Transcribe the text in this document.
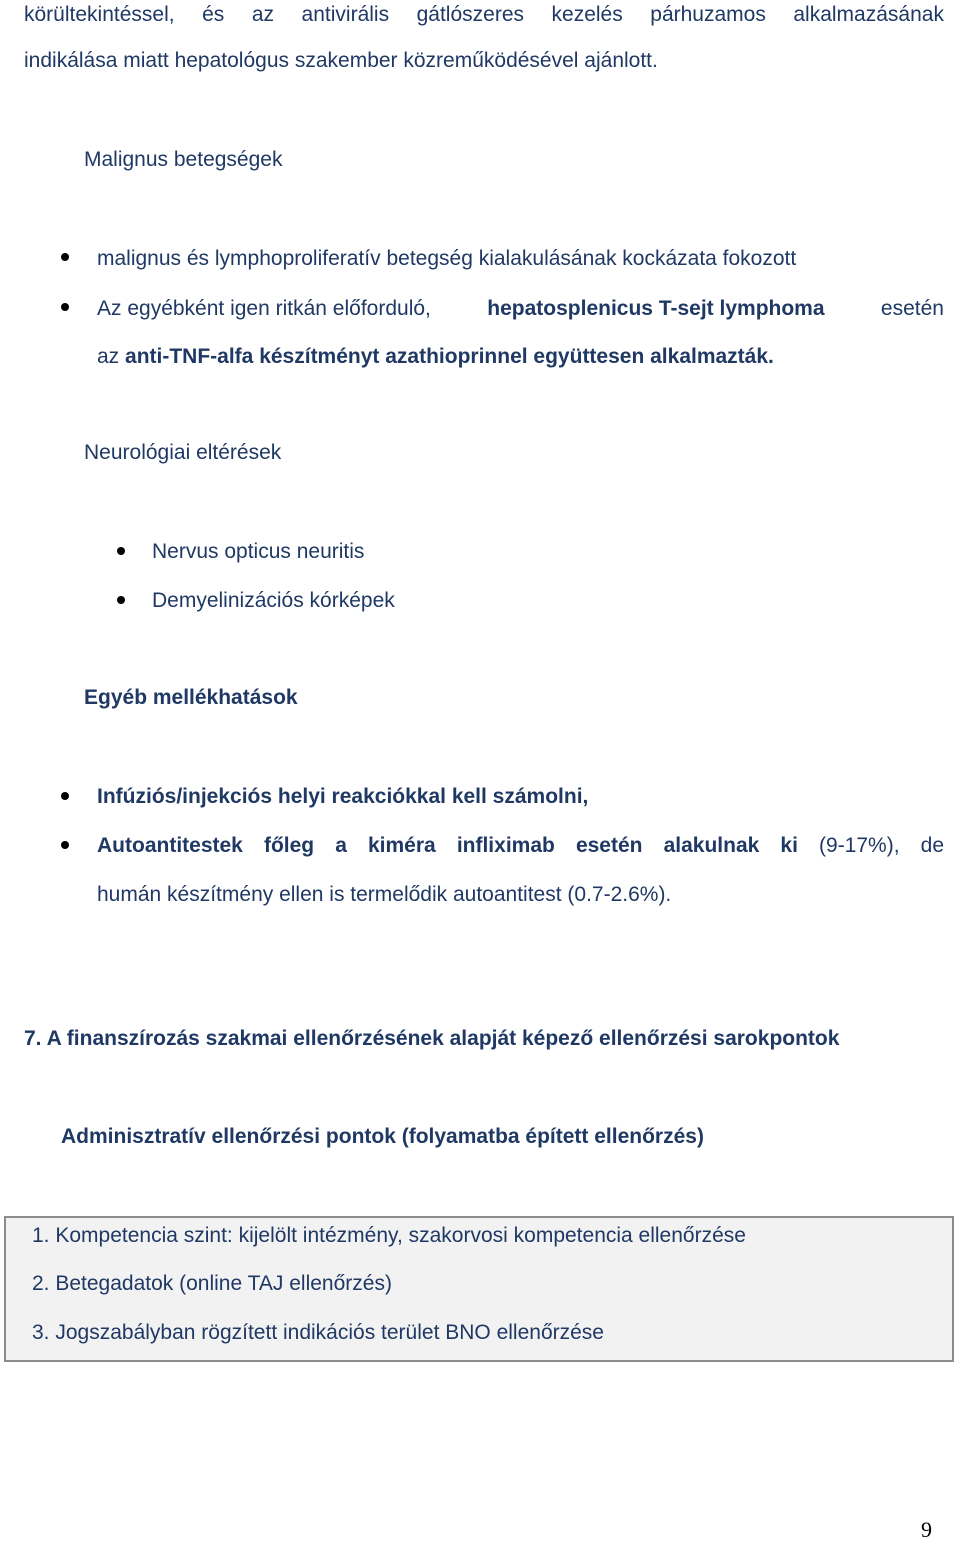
körültekintéssel, és az antivirális gátlószeres kezelés párhuzamos alkalmazásának
indikálása miatt hepatológus szakember közreműködésével ajánlott.
Malignus betegségek
malignus és lymphoproliferatív betegség kialakulásának kockázata fokozott
Az egyébként igen ritkán előforduló,	hepatosplenicus T-sejt lymphoma	esetén
az anti-TNF-alfa készítményt azathioprinnel együttesen alkalmazták.
Neurológiai eltérések
Nervus opticus neuritis
Demyelinizációs kórképek
Egyéb mellékhatások
Infúziós/injekciós helyi reakciókkal kell számolni,
Autoantitestek főleg a kiméra infliximab esetén alakulnak ki (9-17%), de
humán készítmény ellen is termelődik autoantitest (0.7-2.6%).
7. A finanszírozás szakmai ellenőrzésének alapját képező ellenőrzési sarokpontok
Adminisztratív ellenőrzési pontok (folyamatba épített ellenőrzés)
1. Kompetencia szint: kijelölt intézmény, szakorvosi kompetencia ellenőrzése
2. Betegadatok (online TAJ ellenőrzés)
3. Jogszabályban rögzített indikációs terület BNO ellenőrzése
9
